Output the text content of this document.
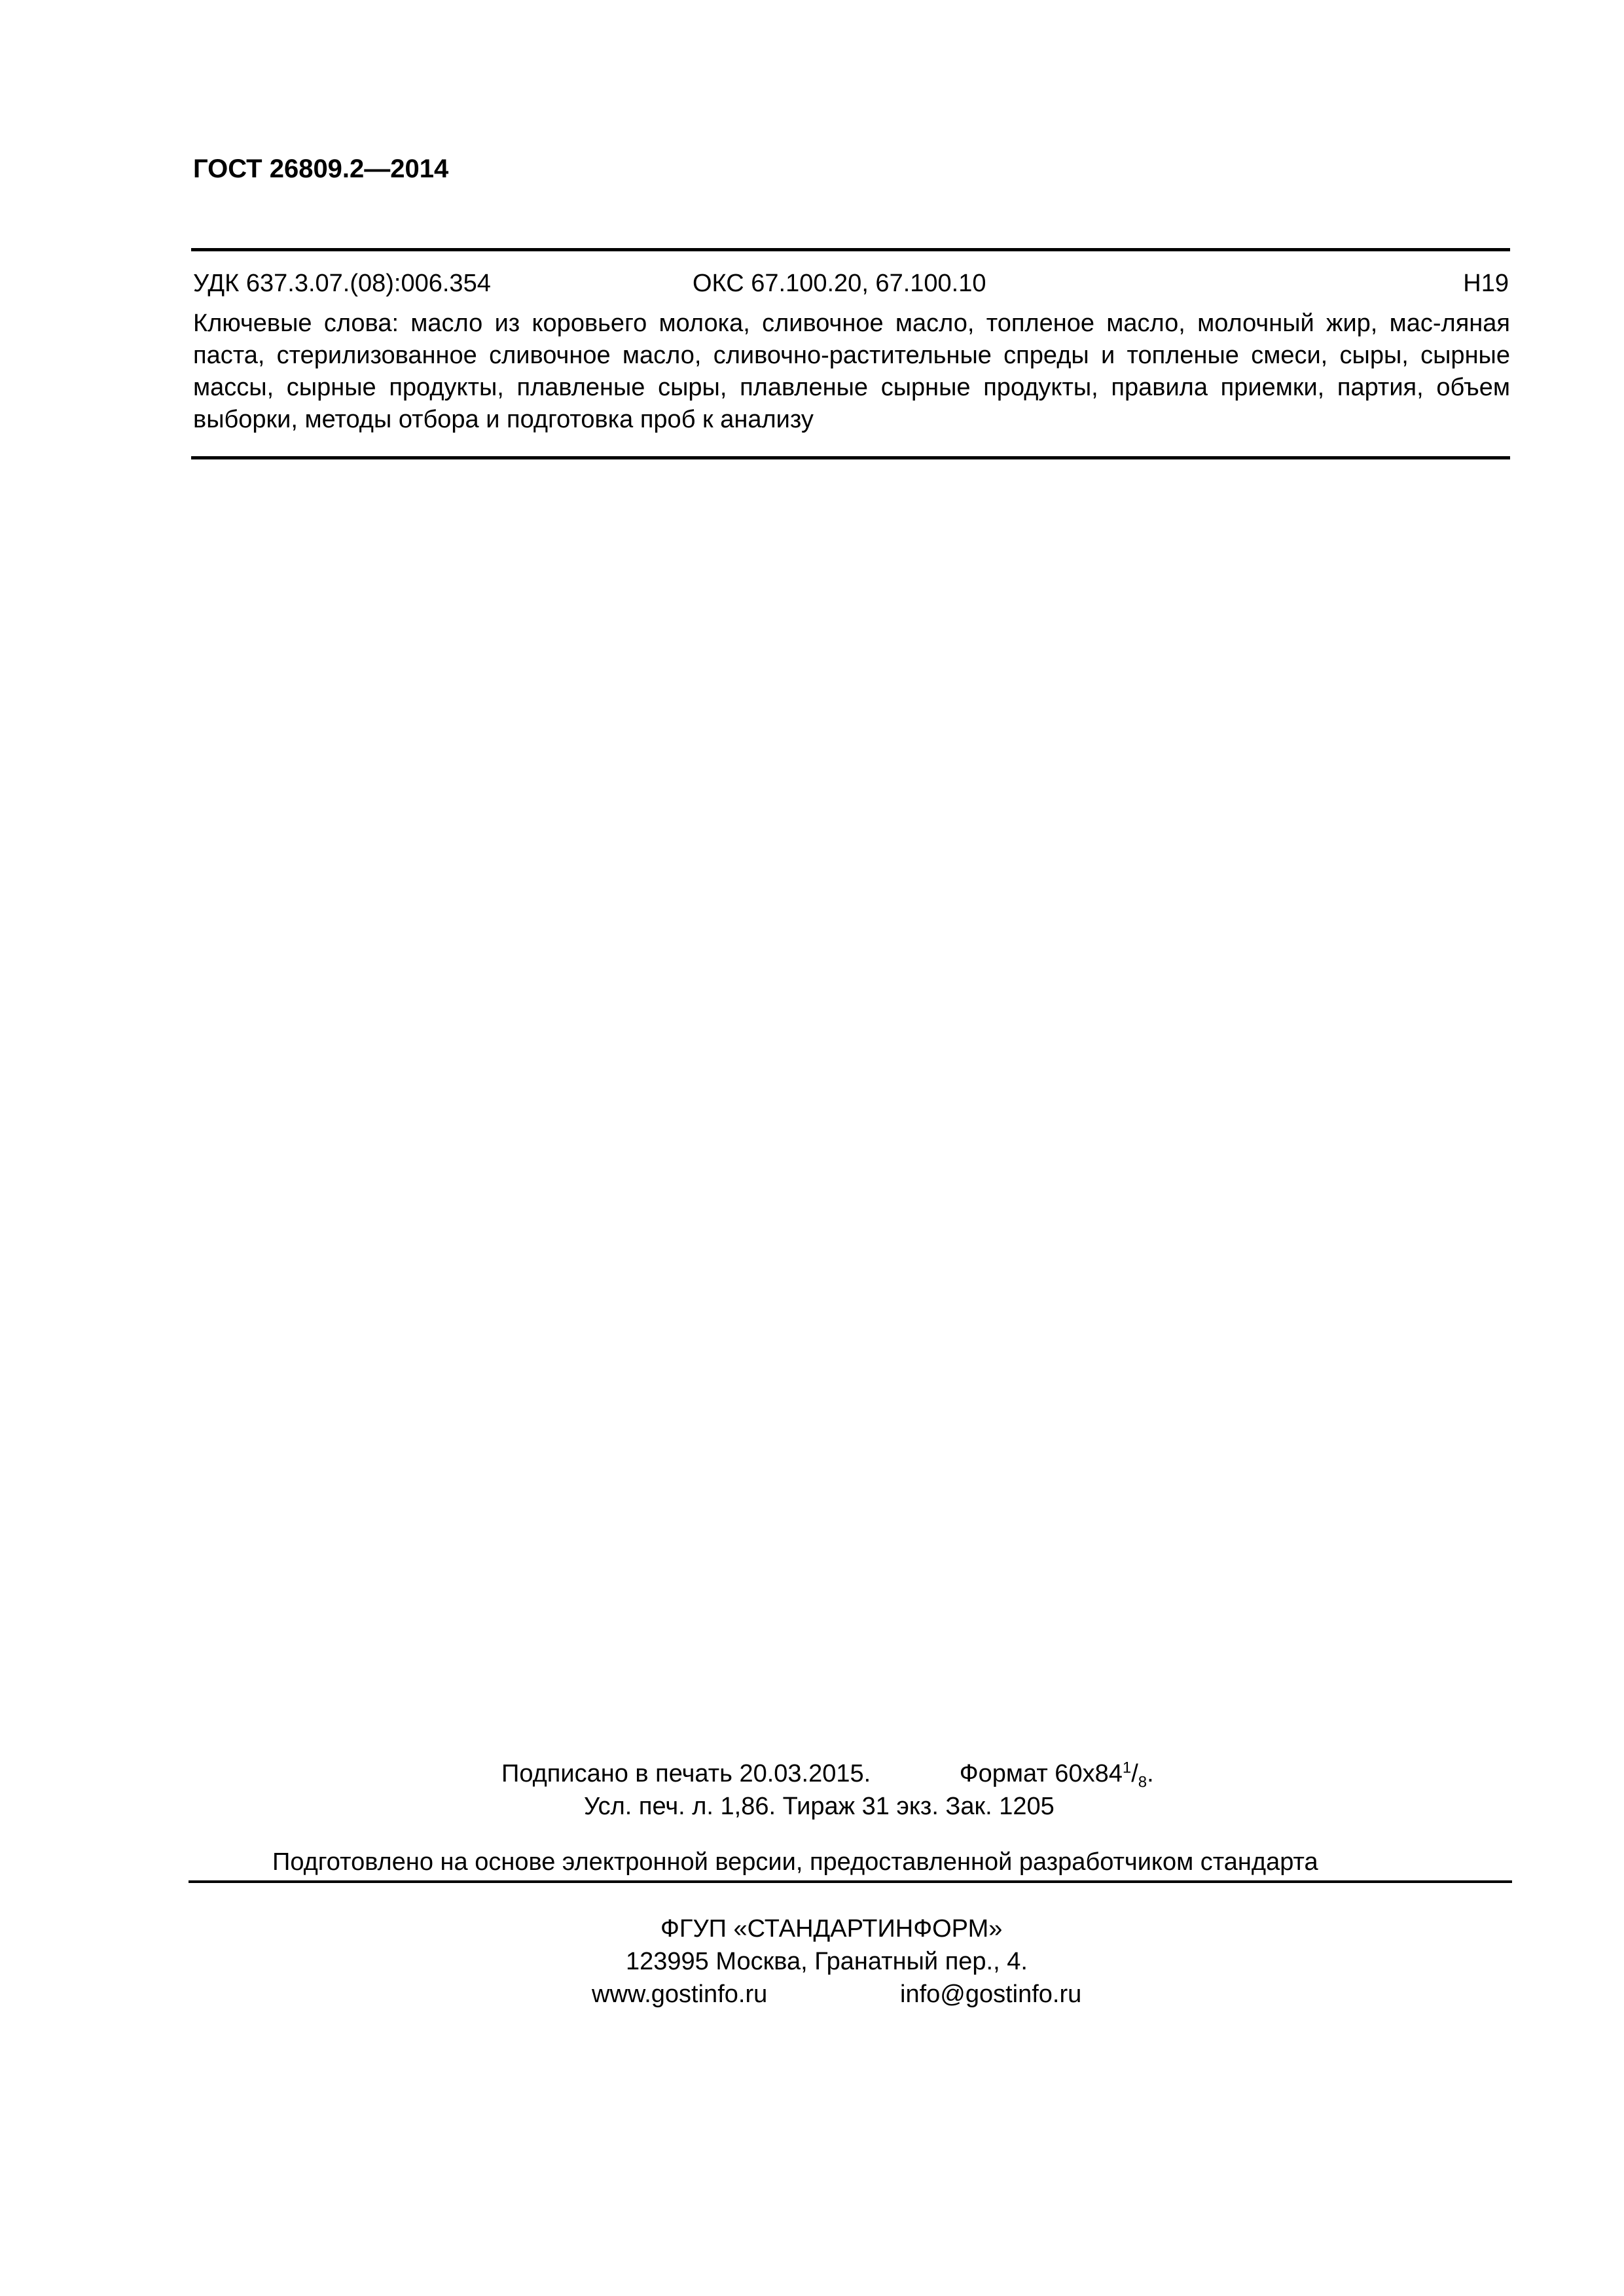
ГОСТ 26809.2—2014
УДК 637.3.07.(08):006.354	ОКС 67.100.20, 67.100.10	Н19

Ключевые слова: масло из коровьего молока, сливочное масло, топленое масло, молочный жир, мас-ляная паста, стерилизованное сливочное масло, сливочно-растительные спреды и топленые смеси, сыры, сырные массы, сырные продукты, плавленые сыры, плавленые сырные продукты, правила приемки, партия, объем выборки, методы отбора и подготовка проб к анализу

Подписано в печать 20.03.2015.	Формат $60x84^1/_8$.
Усл. печ. л. 1,86. Тираж 31 экз. Зак. 1205
Подготовлено на основе электронной версии, предоставленной разработчиком стандарта
ФГУП «СТАНДАРТИНФОРМ»
123995 Москва, Гранатный пер., 4.
www.gostinfo.ru	info@gostinfo.ru
